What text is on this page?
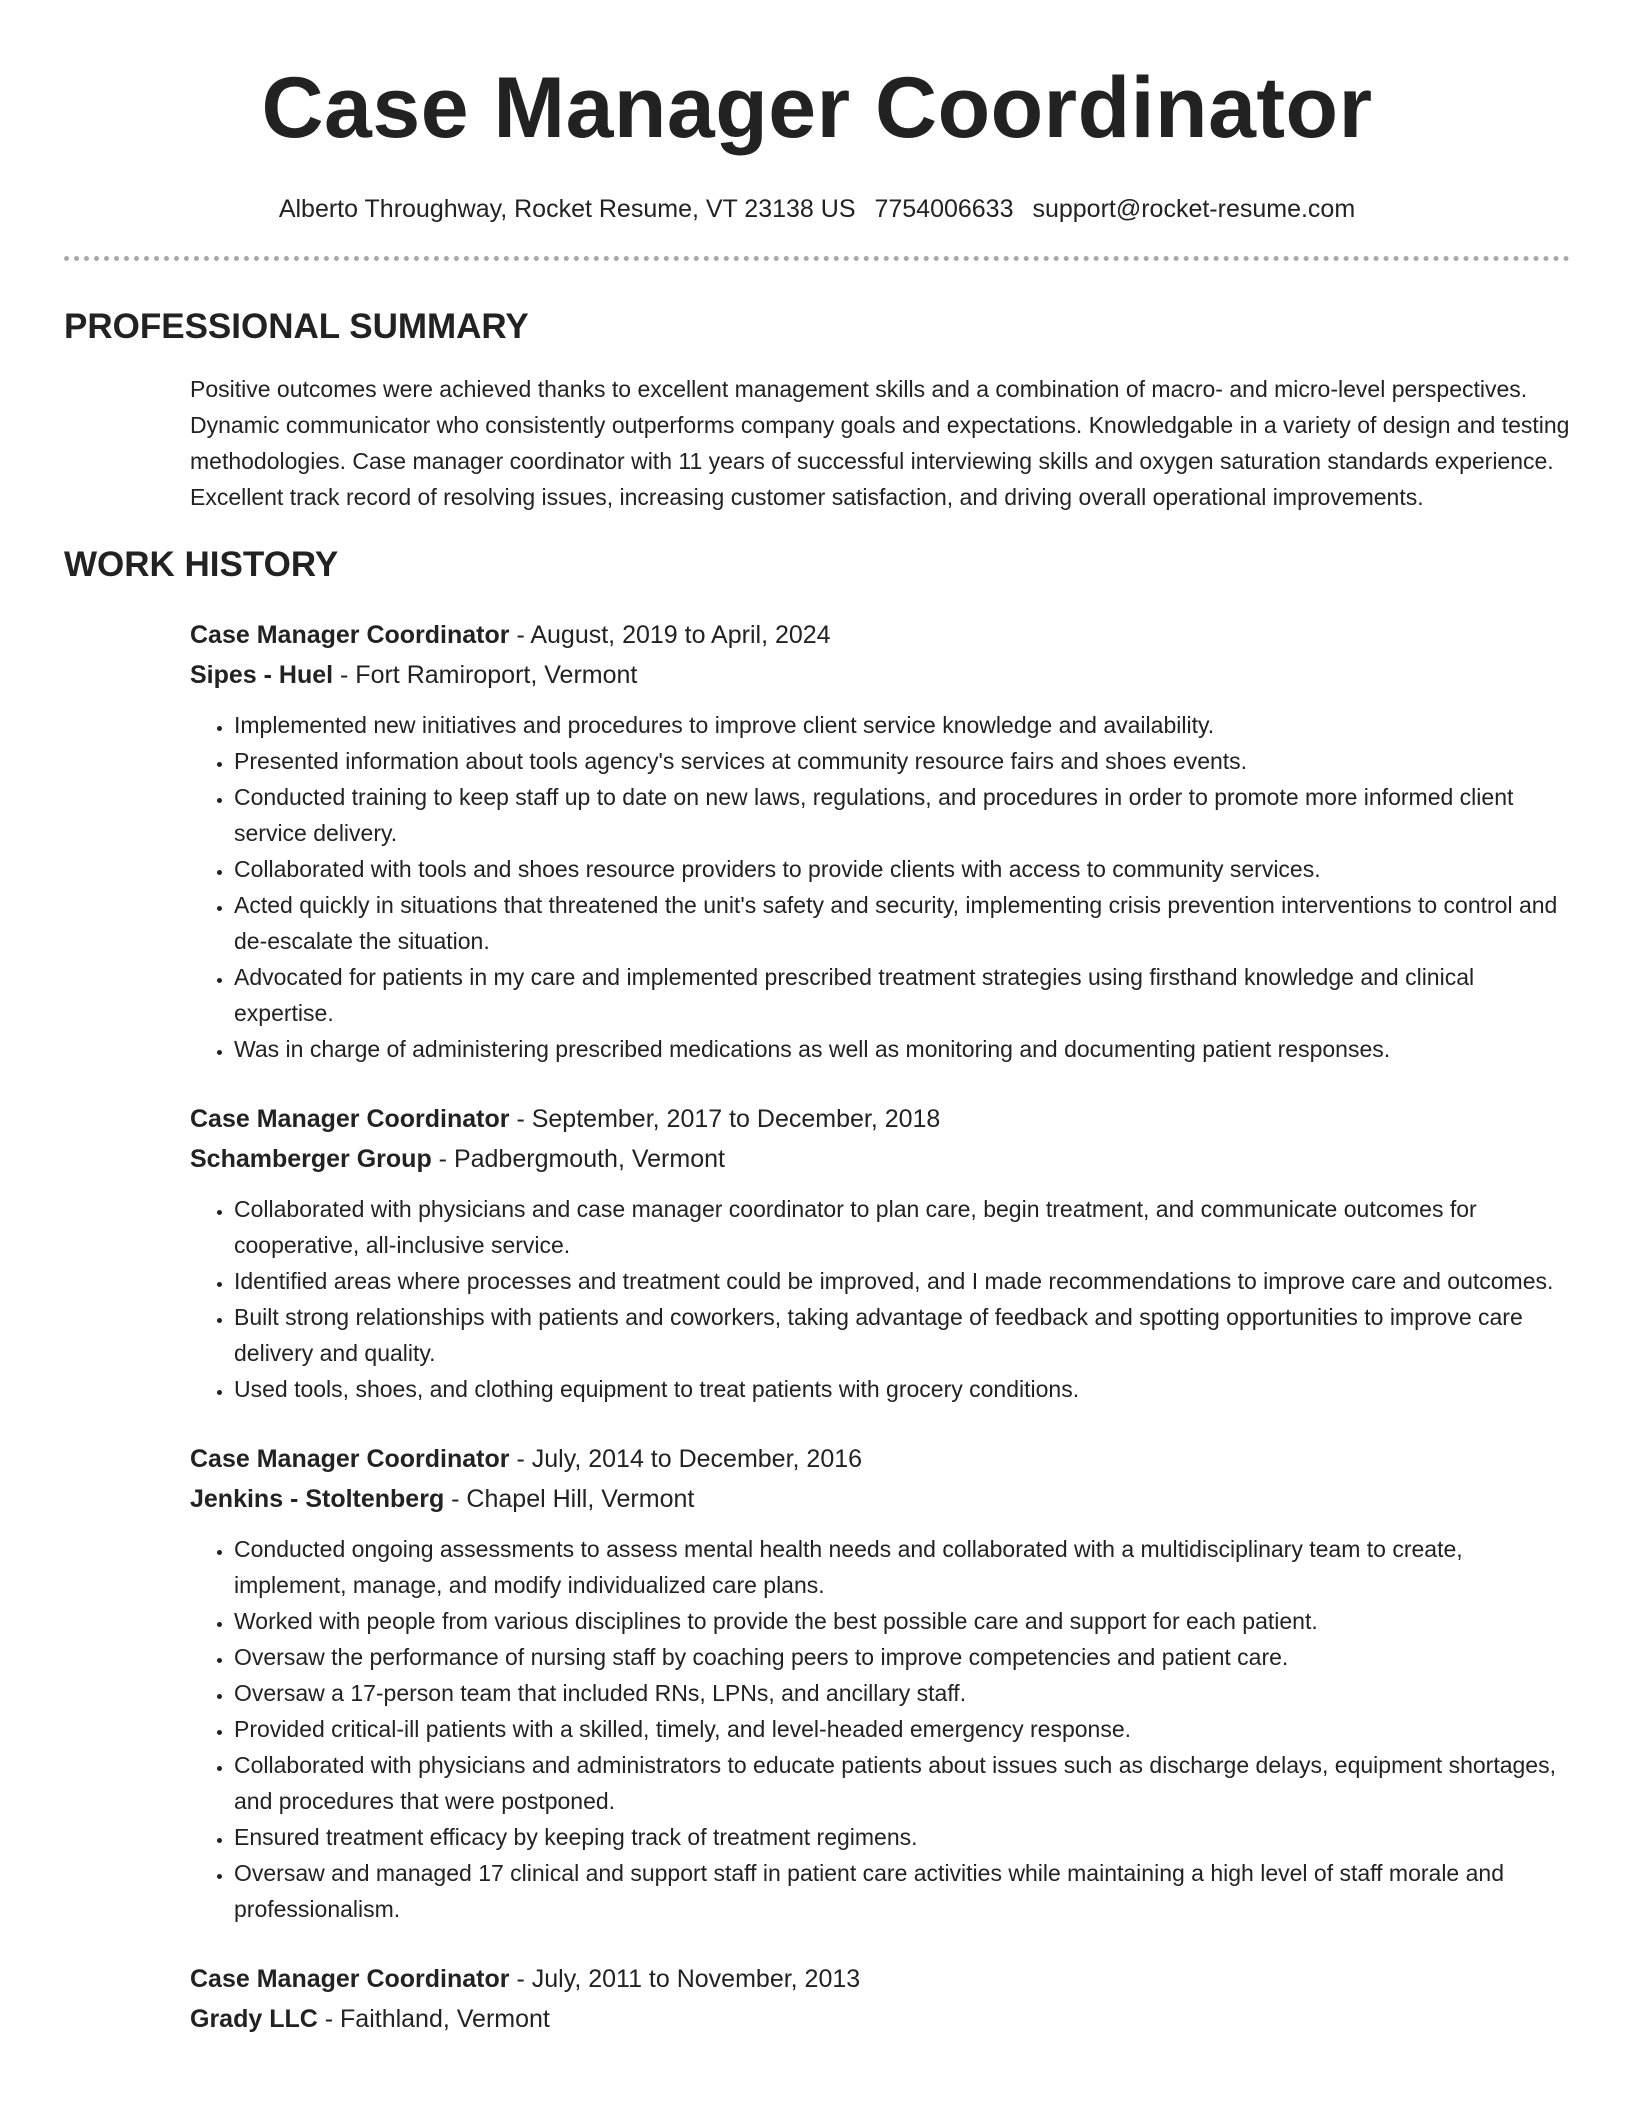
Case Manager Coordinator
Alberto Throughway, Rocket Resume, VT 23138 US 7754006633 support@rocket-resume.com
PROFESSIONAL SUMMARY

Positive outcomes were achieved thanks to excellent management skills and a combination of macro- and micro-level perspectives. Dynamic communicator who consistently outperforms company goals and expectations. Knowledgable in a variety of design and testing methodologies. Case manager coordinator with 11 years of successful interviewing skills and oxygen saturation standards experience. Excellent track record of resolving issues, increasing customer satisfaction, and driving overall operational improvements.

WORK HISTORY
Case Manager Coordinator - August, 2019 to April, 2024
Sipes - Huel - Fort Ramiroport, Vermont
• Implemented new initiatives and procedures to improve client service knowledge and availability.
• Presented information about tools agency's services at community resource fairs and shoes events.
• Conducted training to keep staff up to date on new laws, regulations, and procedures in order to promote more informed client service delivery.
• Collaborated with tools and shoes resource providers to provide clients with access to community services.
• Acted quickly in situations that threatened the unit's safety and security, implementing crisis prevention interventions to control and de-escalate the situation.
• Advocated for patients in my care and implemented prescribed treatment strategies using firsthand knowledge and clinical expertise.
• Was in charge of administering prescribed medications as well as monitoring and documenting patient responses.
Case Manager Coordinator - September, 2017 to December, 2018
Schamberger Group - Padbergmouth, Vermont
• Collaborated with physicians and case manager coordinator to plan care, begin treatment, and communicate outcomes for cooperative, all-inclusive service.
• Identified areas where processes and treatment could be improved, and I made recommendations to improve care and outcomes.
• Built strong relationships with patients and coworkers, taking advantage of feedback and spotting opportunities to improve care delivery and quality.
• Used tools, shoes, and clothing equipment to treat patients with grocery conditions.
Case Manager Coordinator - July, 2014 to December, 2016
Jenkins - Stoltenberg - Chapel Hill, Vermont
• Conducted ongoing assessments to assess mental health needs and collaborated with a multidisciplinary team to create, implement, manage, and modify individualized care plans.
• Worked with people from various disciplines to provide the best possible care and support for each patient.
• Oversaw the performance of nursing staff by coaching peers to improve competencies and patient care.
• Oversaw a 17-person team that included RNs, LPNs, and ancillary staff.
• Provided critical-ill patients with a skilled, timely, and level-headed emergency response.
• Collaborated with physicians and administrators to educate patients about issues such as discharge delays, equipment shortages, and procedures that were postponed.
• Ensured treatment efficacy by keeping track of treatment regimens.
• Oversaw and managed 17 clinical and support staff in patient care activities while maintaining a high level of staff morale and professionalism.
Case Manager Coordinator - July, 2011 to November, 2013
Grady LLC - Faithland, Vermont
